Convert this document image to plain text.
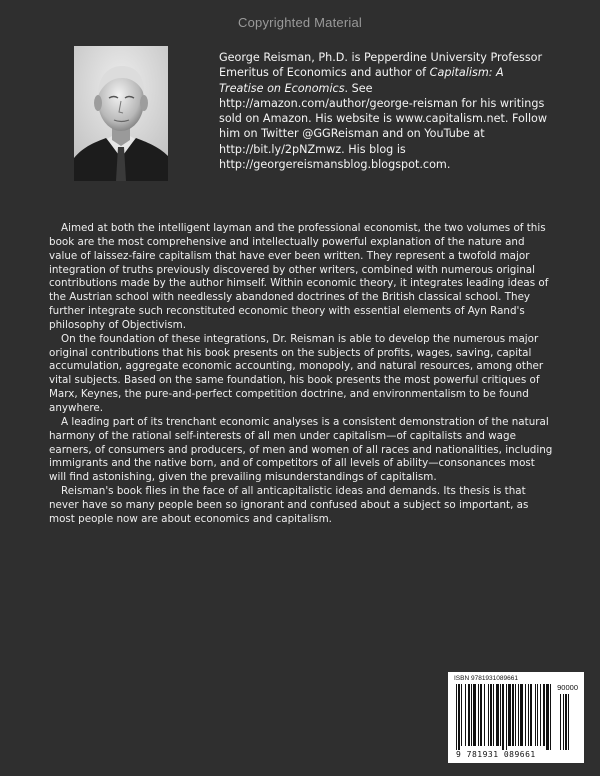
Copyrighted Material
George Reisman, Ph.D. is Pepperdine University Professor Emeritus of Economics and author of Capitalism: A Treatise on Economics. See http://amazon.com/author/george-reisman for his writings sold on Amazon. His website is www.capitalism.net. Follow him on Twitter @GGReisman and on YouTube at http://bit.ly/2pNZmwz. His blog is http://georgereismansblog.blogspot.com.

Aimed at both the intelligent layman and the professional economist, the two volumes of this book are the most comprehensive and intellectually powerful explanation of the nature and value of laissez-faire capitalism that have ever been written. They represent a twofold major integration of truths previously discovered by other writers, combined with numerous original contributions made by the author himself. Within economic theory, it integrates leading ideas of the Austrian school with needlessly abandoned doctrines of the British classical school. They further integrate such reconstituted economic theory with essential elements of Ayn Rand's philosophy of Objectivism.

On the foundation of these integrations, Dr. Reisman is able to develop the numerous major original contributions that his book presents on the subjects of profits, wages, saving, capital accumulation, aggregate economic accounting, monopoly, and natural resources, among other vital subjects. Based on the same foundation, his book presents the most powerful critiques of Marx, Keynes, the pure-and-perfect competition doctrine, and environmentalism to be found anywhere.

A leading part of its trenchant economic analyses is a consistent demonstration of the natural harmony of the rational self-interests of all men under capitalism—of capitalists and wage earners, of consumers and producers, of men and women of all races and nationalities, including immigrants and the native born, and of competitors of all levels of ability—consonances most will find astonishing, given the prevailing misunderstandings of capitalism.

Reisman's book flies in the face of all anticapitalistic ideas and demands. Its thesis is that never have so many people been so ignorant and confused about a subject so important, as most people now are about economics and capitalism.

ISBN 9781931089661
90000
9 781931 089661
